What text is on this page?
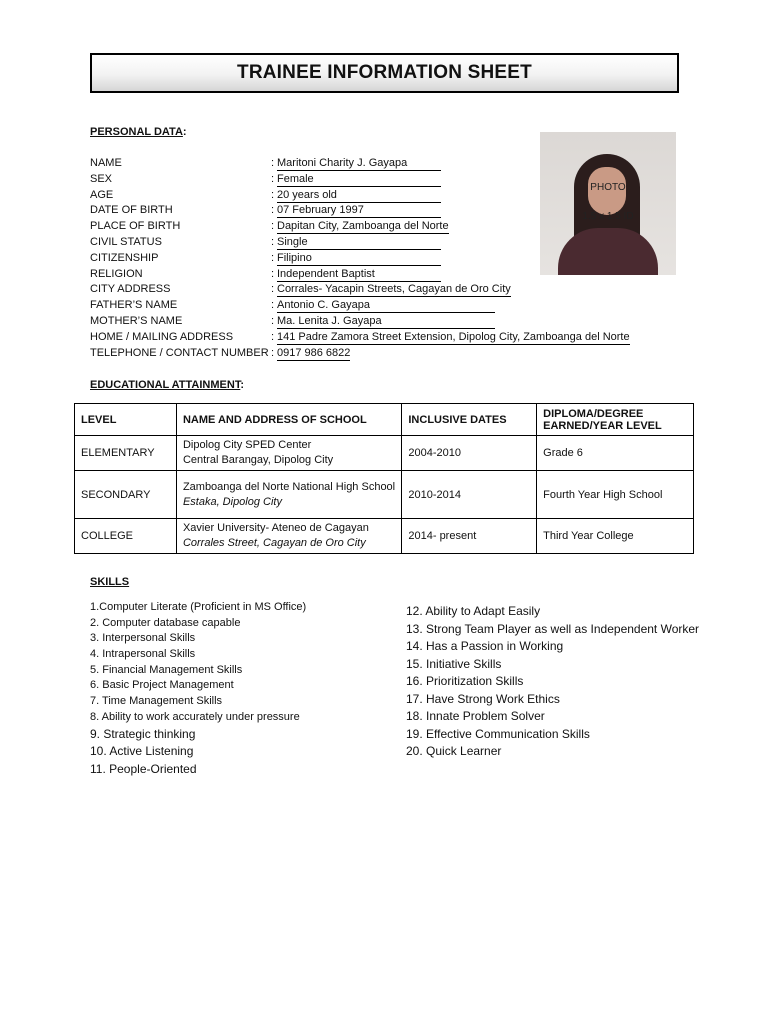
TRAINEE INFORMATION SHEET
PERSONAL DATA:
NAME	: Maritoni Charity J. Gayapa
SEX	: Female
AGE	: 20 years old
DATE OF BIRTH	: 07 February 1997
PLACE OF BIRTH	: Dapitan City, Zamboanga del Norte
CIVIL STATUS	: Single
CITIZENSHIP	: Filipino
RELIGION	: Independent Baptist
CITY ADDRESS	: Corrales- Yacapin Streets, Cagayan de Oro City
FATHER’S NAME	: Antonio C. Gayapa
MOTHER’S NAME	: Ma. Lenita J. Gayapa
HOME / MAILING ADDRESS	: 141 Padre Zamora Street Extension, Dipolog City, Zamboanga del Norte
TELEPHONE / CONTACT NUMBER : 0917 986 6822
PHOTO
1.5 x 1.5 ID
EDUCATIONAL ATTAINMENT:
LEVEL	NAME AND ADDRESS OF SCHOOL	INCLUSIVE DATES	DIPLOMA/DEGREE
EARNED/YEAR LEVEL
ELEMENTARY	Dipolog City SPED Center
Central Barangay, Dipolog City	2004-2010	Grade 6
SECONDARY	Zamboanga del Norte National High School
Estaka, Dipolog City	2010-2014	Fourth Year High School
COLLEGE	Xavier University- Ateneo de Cagayan
Corrales Street, Cagayan de Oro City	2014- present	Third Year College
SKILLS
1.Computer Literate (Proficient in MS Office)
2. Computer database capable
3. Interpersonal Skills
4. Intrapersonal Skills
5. Financial Management Skills
6. Basic Project Management
7. Time Management Skills
8. Ability to work accurately under pressure
9. Strategic thinking
10. Active Listening
11. People-Oriented
12. Ability to Adapt Easily
13. Strong Team Player as well as Independent Worker
14. Has a Passion in Working
15. Initiative Skills
16. Prioritization Skills
17. Have Strong Work Ethics
18. Innate Problem Solver
19. Effective Communication Skills
20. Quick Learner
